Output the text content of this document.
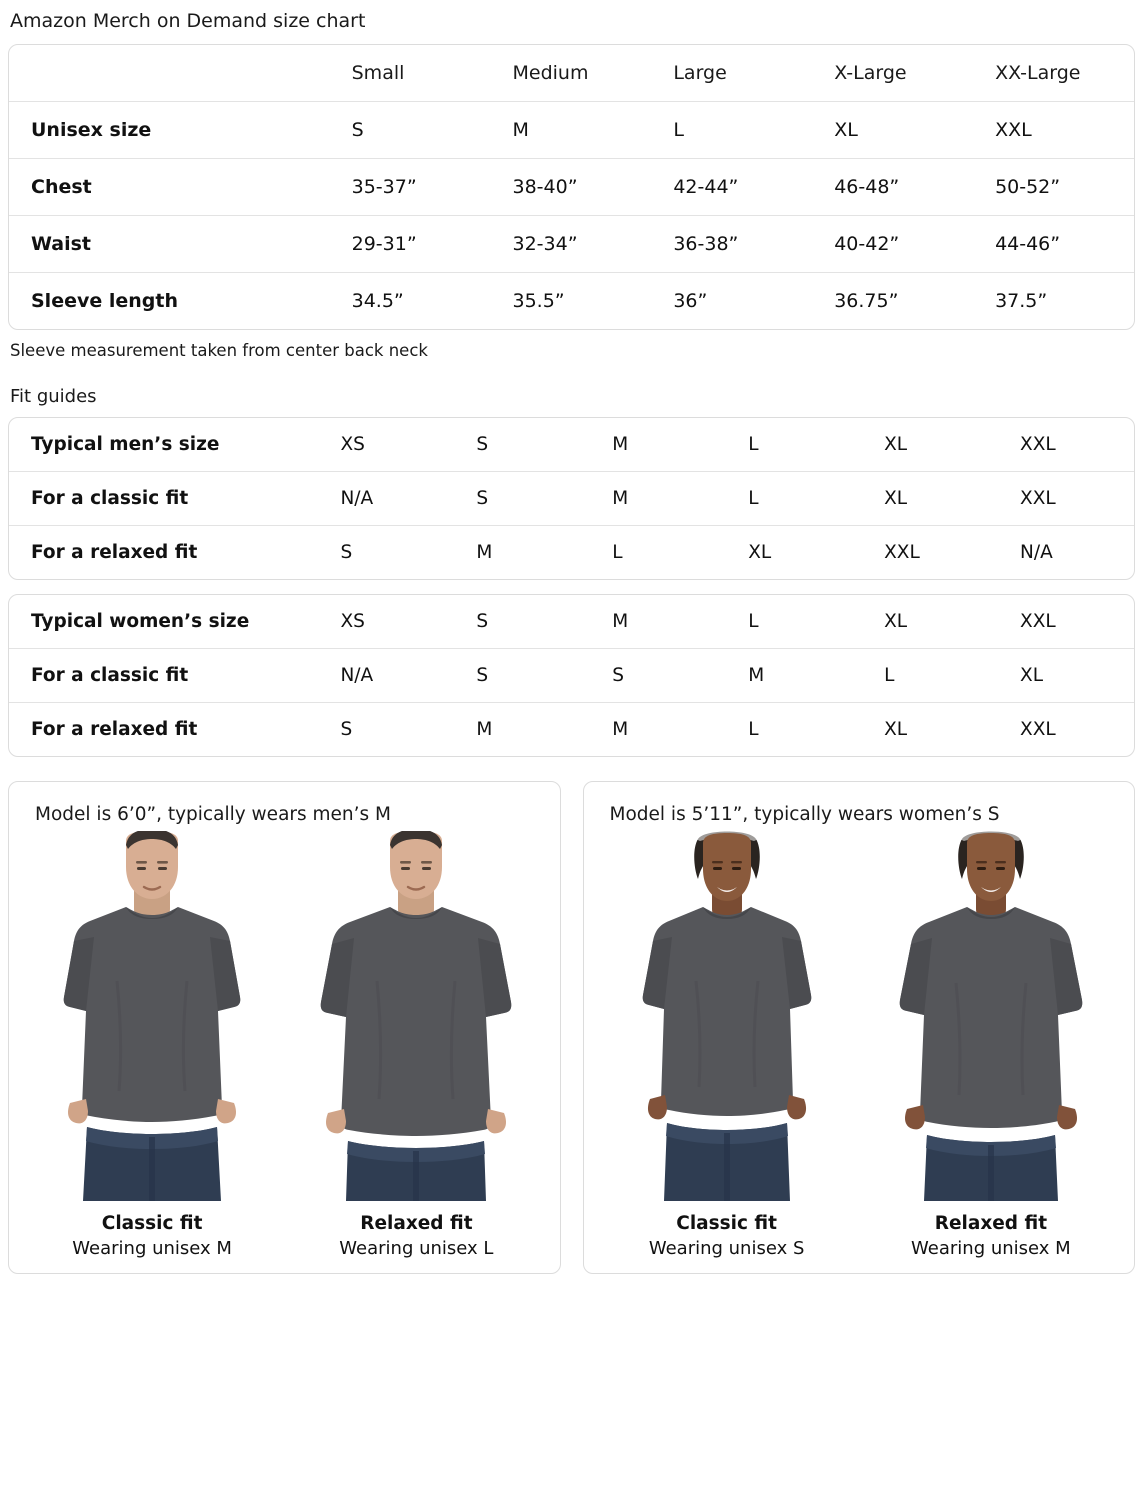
Amazon Merch on Demand size chart
	Small	Medium	Large	X-Large	XX-Large
Unisex size	S	M	L	XL	XXL
Chest	35-37”	38-40”	42-44”	46-48”	50-52”
Waist	29-31”	32-34”	36-38”	40-42”	44-46”
Sleeve length	34.5”	35.5”	36”	36.75”	37.5”
Sleeve measurement taken from center back neck
Fit guides
Typical men’s size	XS	S	M	L	XL	XXL
For a classic fit	N/A	S	M	L	XL	XXL
For a relaxed fit	S	M	L	XL	XXL	N/A
Typical women’s size	XS	S	M	L	XL	XXL
For a classic fit	N/A	S	S	M	L	XL
For a relaxed fit	S	M	M	L	XL	XXL
Model is 6’0”, typically wears men’s M
Classic fit
Wearing unisex M
Relaxed fit
Wearing unisex L
Model is 5’11”, typically wears women’s S
Classic fit
Wearing unisex S
Relaxed fit
Wearing unisex M
